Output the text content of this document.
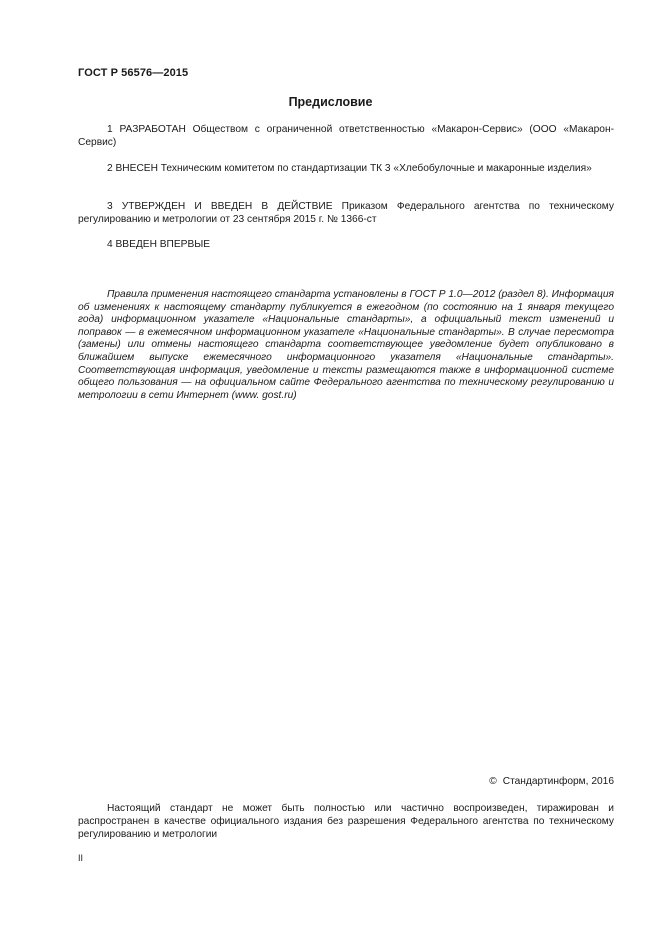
ГОСТ Р 56576—2015
Предисловие
1 РАЗРАБОТАН Обществом с ограниченной ответственностью «Макарон-Сервис» (ООО «Макарон-Сервис)
2 ВНЕСЕН Техническим комитетом по стандартизации ТК 3 «Хлебобулочные и макаронные изделия»
3 УТВЕРЖДЕН И ВВЕДЕН В ДЕЙСТВИЕ Приказом Федерального агентства по техническому регулированию и метрологии от 23 сентября 2015 г. № 1366-ст
4 ВВЕДЕН ВПЕРВЫЕ
Правила применения настоящего стандарта установлены в ГОСТ Р 1.0—2012 (раздел 8). Информация об изменениях к настоящему стандарту публикуется в ежегодном (по состоянию на 1 января текущего года) информационном указателе «Национальные стандарты», а официальный текст изменений и поправок — в ежемесячном информационном указателе «Национальные стандарты». В случае пересмотра (замены) или отмены настоящего стандарта соответствующее уведомление будет опубликовано в ближайшем выпуске ежемесячного информационного указателя «Национальные стандарты». Соответствующая информация, уведомление и тексты размещаются также в информационной системе общего пользования — на официальном сайте Федерального агентства по техническому регулированию и метрологии в сети Интернет (www. gost.ru)
© Стандартинформ, 2016
Настоящий стандарт не может быть полностью или частично воспроизведен, тиражирован и распространен в качестве официального издания без разрешения Федерального агентства по техническому регулированию и метрологии
II
